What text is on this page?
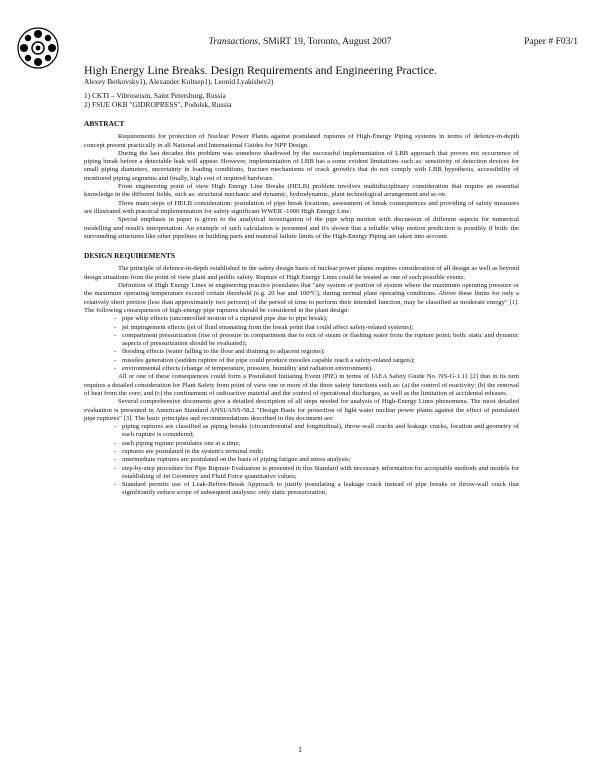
Transactions, SMiRT 19, Toronto, August 2007	Paper # F03/1
High Energy Line Breaks. Design Requirements and Engineering Practice.
Alexey Berkovsky1), Alexander Kultsep1), Leonid Lyakishev2)
1) CKTI – Vibroseism, Saint Petersburg, Russia
2) FSUE OKB "GIDROPRESS", Podolsk, Russia
ABSTRACT

Requirements for protection of Nuclear Power Plants against postulated ruptures of High-Energy Piping systems in terms of defence-in-depth concept present practically in all National and International Guides for NPP Design.

During the last decades this problem was somehow shadowed by the successful implementation of LBB approach that proves not occurrence of piping break before a detectable leak will appear. However, implementation of LBB has a some evident limitations such as: sensitivity of detection devices for small piping diameters, uncertainty in loading conditions, fracture mechanisms of crack growth's that do not comply with LBB hypothesis, accessibility of monitored piping segments and finally, high cost of required hardware.

From engineering point of view High Energy Line Breaks (HELB) problem involves multidisciplinary consideration that require an essential knowledge in the different fields, such as: structural mechanic and dynamic, hydrodynamic, plant technological arrangement and so on.

Three main steps of HELB consideration: postulation of pipe break locations, assessment of break consequences and providing of safety measures are illustrated with practical implementation for safety significant WWER -1000 High Energy Line.

Special emphasis in paper is given to the analytical investigation of the pipe whip motion with discussion of different aspects for numerical modelling and result's interpretation. An example of such calculation is presented and it's shown that a reliable whip motion prediction is possibly if both: the surrounding structures like other pipelines or building parts and material failure limits of the High-Energy Piping are taken into account.

DESIGN REQUIREMENTS

The principle of defence-in-depth established in the safety design basis of nuclear power plants requires consideration of all design as well as beyond design situations from the point of view plant and public safety. Rupture of High Energy Lines could be treated as one of such possible events.

Definition of High Energy Lines in engineering practice postulates that "any system or portion of system where the maximum operating pressure or the maximum operating temperature exceed certain threshold (e.g. 20 bar and 100°C), during normal plant operating conditions. Above these limits for only a relatively short portion (less than approximately two percent) of the period of time to perform their intended function, may be classified as moderate energy" [1]. The following consequences of high-energy pipe ruptures should be considered in the plant design:

- pipe whip effects (uncontrolled motion of a ruptured pipe due to pipe break);
- jet impingement effects (jet of fluid emanating from the break point that could affect safety-related systems);
- compartment pressurization (rise of pressure in compartment due to exit of steam or flashing water from the rupture point; both: static and dynamic aspects of pressurization should be evaluated);
- flooding effects (water falling to the floor and draining to adjacent regions);
- missiles generation (sudden rupture of the pipe could produce missiles capable reach a safety-related targets);
- environmental effects (change of temperature, pressure, humidity and radiation environment).

All or one of these consequences could form a Postulated Initiating Event (PIE) in terms of IAEA Safety Guide No. NS-G-1.11 [2] that in its turn requires a detailed consideration for Plant Safety from point of view one or more of the three safety functions such as: (a) the control of reactivity; (b) the removal of heat from the core; and (c) the confinement of radioactive material and the control of operational discharges, as well as the limitation of accidental releases.

Several comprehensive documents give a detailed description of all steps needed for analysis of High-Energy Lines phenomena. The most detailed evaluation is presented in American Standard ANSI/ANS-58.2 "Design Basis for protection of light water nuclear power plants against the effect of postulated pipe ruptures" [3]. The basic principles and recommendations described in this document are:

- piping ruptures are classified as piping breaks (circumferential and longitudinal), throw-wall cracks and leakage cracks, location and geometry of each rupture is considered;
- each piping rupture postulates one at a time;
- ruptures are postulated in the system's terminal ends;
- intermediate ruptures are postulated on the basis of piping fatigue and stress analysis;
- step-by-step procedure for Pipe Rupture Evaluation is presented in this Standard with necessary information for acceptable methods and models for establishing of Jet Geometry and Fluid Force quantitative values;
- Standard permits use of Leak-Before-Break Approach to justify postulating a leakage crack instead of pipe breaks or throw-wall crack that significantly reduce scope of subsequent analyses: only static pressurization,
1
